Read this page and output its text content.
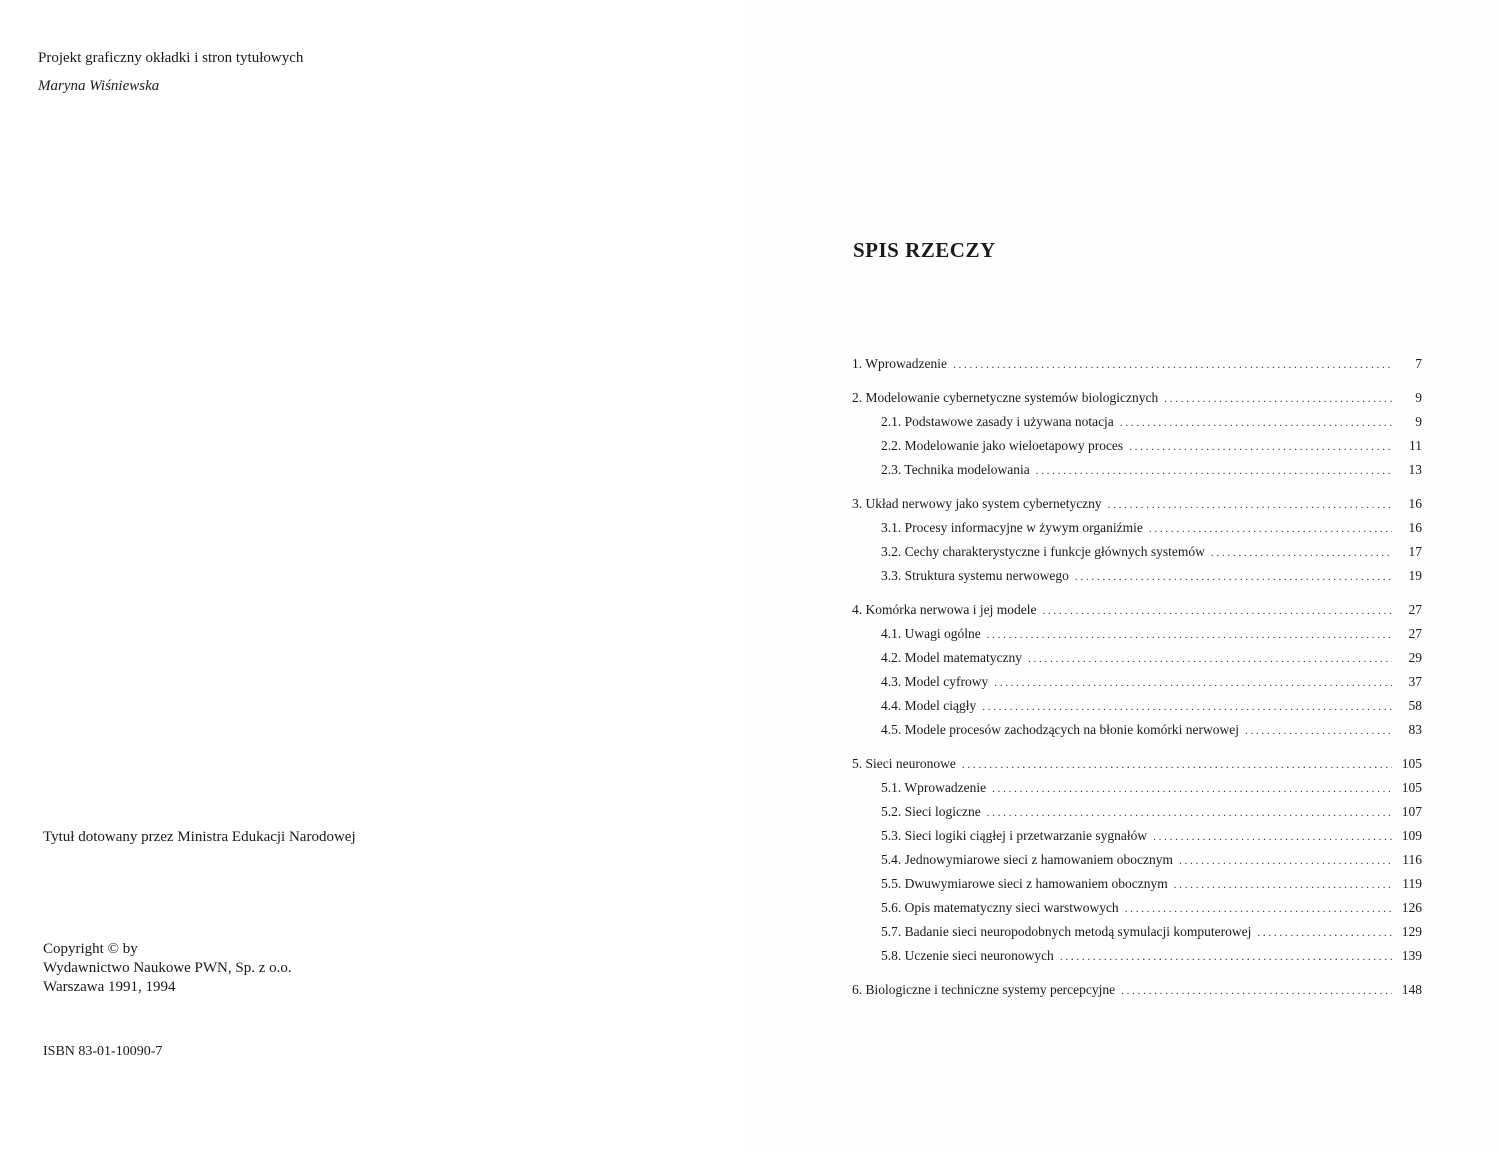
Projekt graficzny okładki i stron tytułowych
Maryna Wiśniewska
Tytuł dotowany przez Ministra Edukacji Narodowej
Copyright © by
Wydawnictwo Naukowe PWN, Sp. z o.o.
Warszawa 1991, 1994
ISBN 83-01-10090-7
SPIS RZECZY
1. Wprowadzenie . . .	7
2. Modelowanie cybernetyczne systemów biologicznych . . .	9
2.1. Podstawowe zasady i używana notacja . . .	9
2.2. Modelowanie jako wieloetapowy proces . . .	11
2.3. Technika modelowania . . .	13
3. Układ nerwowy jako system cybernetyczny . . .	16
3.1. Procesy informacyjne w żywym organiźmie . . .	16
3.2. Cechy charakterystyczne i funkcje głównych systemów . . .	17
3.3. Struktura systemu nerwowego . . .	19
4. Komórka nerwowa i jej modele . . .	27
4.1. Uwagi ogólne . . .	27
4.2. Model matematyczny . . .	29
4.3. Model cyfrowy . . .	37
4.4. Model ciągły . . .	58
4.5. Modele procesów zachodzących na błonie komórki nerwowej . . .	83
5. Sieci neuronowe . . .	105
5.1. Wprowadzenie . . .	105
5.2. Sieci logiczne . . .	107
5.3. Sieci logiki ciągłej i przetwarzanie sygnałów . . .	109
5.4. Jednowymiarowe sieci z hamowaniem obocznym . . .	116
5.5. Dwuwymiarowe sieci z hamowaniem obocznym . . .	119
5.6. Opis matematyczny sieci warstwowych . . .	126
5.7. Badanie sieci neuropodobnych metodą symulacji komputerowej . . .	129
5.8. Uczenie sieci neuronowych . . .	139
6. Biologiczne i techniczne systemy percepcyjne . . .	148
